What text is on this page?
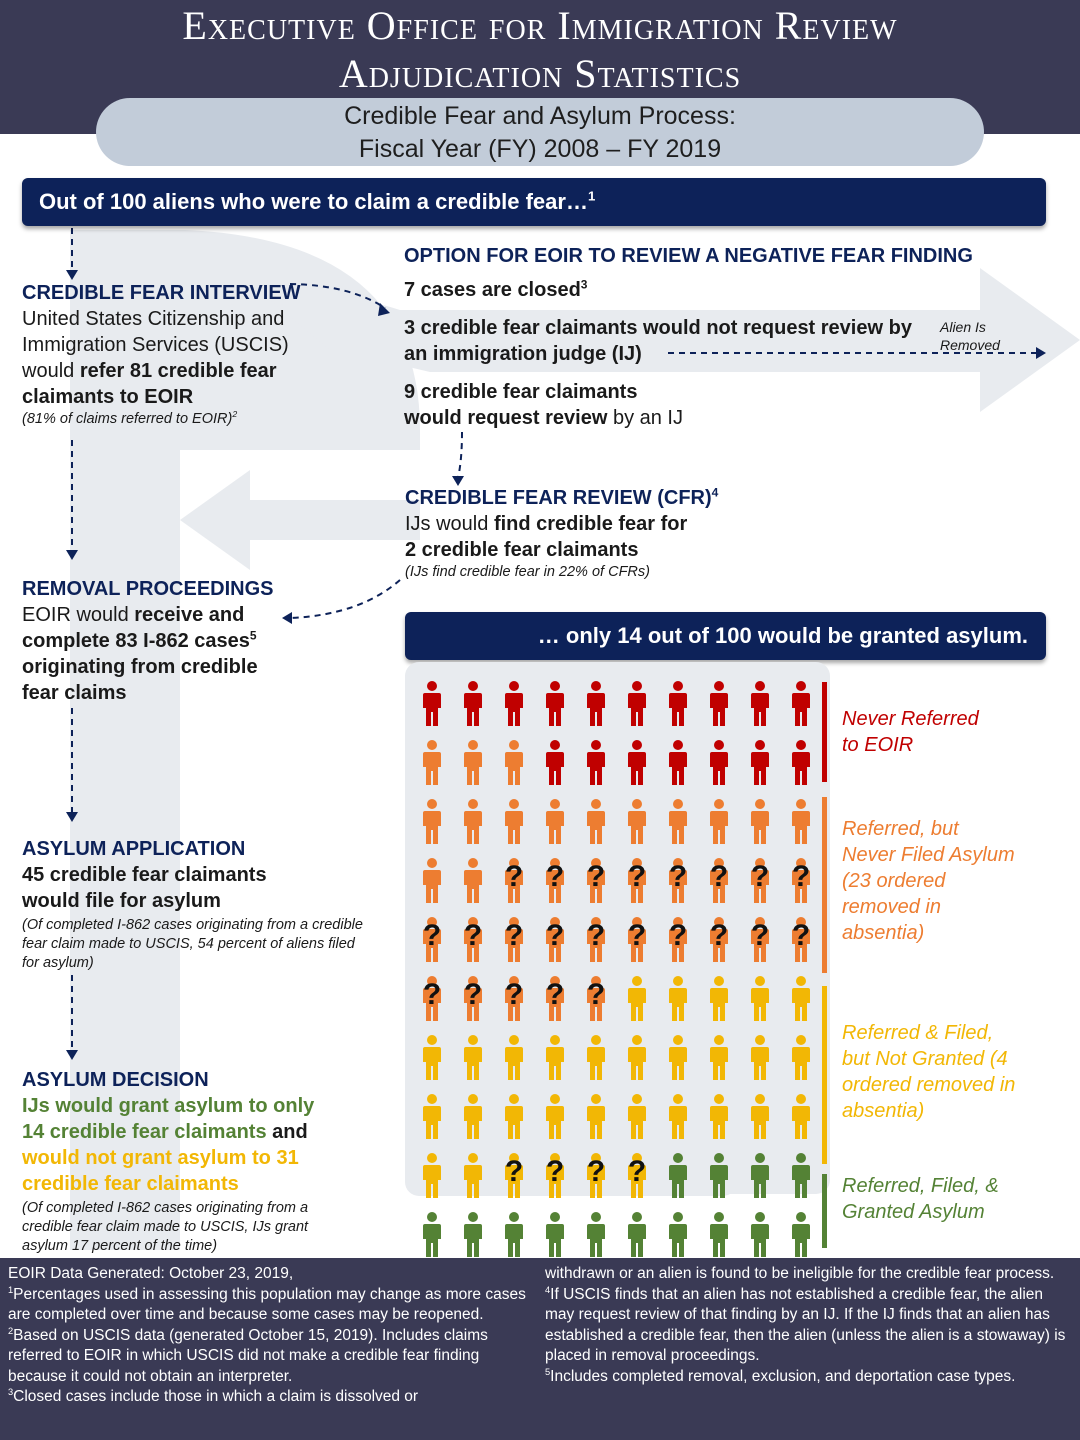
Executive Office for Immigration Review
Adjudication Statistics
Credible Fear and Asylum Process:
Fiscal Year (FY) 2008 – FY 2019
Out of 100 aliens who were to claim a credible fear…$^1$
CREDIBLE FEAR INTERVIEW
United States Citizenship and
Immigration Services (USCIS)
would refer 81 credible fear
claimants to EOIR
(81% of claims referred to EOIR)$^2$
OPTION FOR EOIR TO REVIEW A NEGATIVE FEAR FINDING
7 cases are closed$^3$
3 credible fear claimants would not request review by
an immigration judge (IJ)
9 credible fear claimants
would request review by an IJ
Alien Is
Removed
CREDIBLE FEAR REVIEW (CFR)$^4$
IJs would find credible fear for
2 credible fear claimants
(IJs find credible fear in 22% of CFRs)
REMOVAL PROCEEDINGS
EOIR would receive and
complete 83 I-862 cases$^5$
originating from credible
fear claims
ASYLUM APPLICATION
45 credible fear claimants
would file for asylum
(Of completed I-862 cases originating from a credible fear claim made to USCIS, 54 percent of aliens filed for asylum)
ASYLUM DECISION
IJs would grant asylum to only
14 credible fear claimants and
would not grant asylum to 31
credible fear claimants
(Of completed I-862 cases originating from a credible fear claim made to USCIS, IJs grant asylum 17 percent of the time)
… only 14 out of 100 would be granted asylum.
? ? ? ? ? ? ? ?
? ? ? ? ? ? ? ? ? ?
? ? ? ? ?
? ? ? ?
Never Referred
to EOIR
Referred, but
Never Filed Asylum
(23 ordered
removed in
absentia)
Referred & Filed,
but Not Granted (4
ordered removed in
absentia)
Referred, Filed, &
Granted Asylum
EOIR Data Generated: October 23, 2019,
$^1$Percentages used in assessing this population may change as more cases are completed over time and because some cases may be reopened.
$^2$Based on USCIS data (generated October 15, 2019). Includes claims referred to EOIR in which USCIS did not make a credible fear finding because it could not obtain an interpreter.
$^3$Closed cases include those in which a claim is dissolved or
withdrawn or an alien is found to be ineligible for the credible fear process.
$^4$If USCIS finds that an alien has not established a credible fear, the alien may request review of that finding by an IJ. If the IJ finds that an alien has established a credible fear, then the alien (unless the alien is a stowaway) is placed in removal proceedings.
$^5$Includes completed removal, exclusion, and deportation case types.
